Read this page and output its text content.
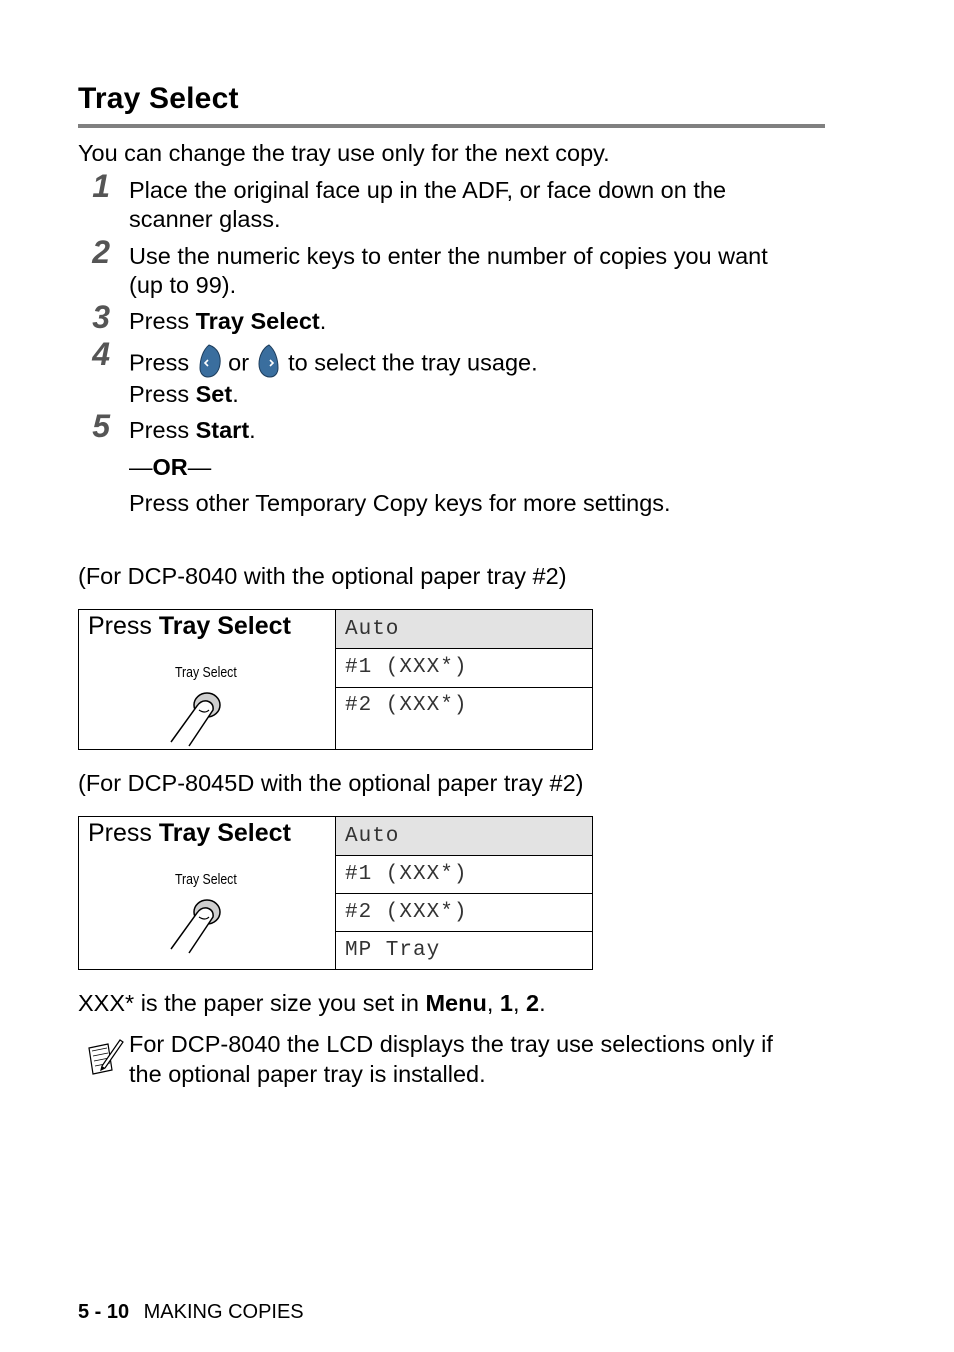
Tray Select
You can change the tray use only for the next copy.
1 Place the original face up in the ADF, or face down on the
scanner glass.
2 Use the numeric keys to enter the number of copies you want
(up to 99).
3 Press Tray Select.
4 Press  or  to select the tray usage.
Press Set.
5 Press Start.
—OR—
Press other Temporary Copy keys for more settings.
(For DCP-8040 with the optional paper tray #2)
Press Tray Select
Tray Select
	Auto
#1 (XXX*)
#2 (XXX*)
(For DCP-8045D with the optional paper tray #2)
Press Tray Select
Tray Select
	Auto
#1 (XXX*)
#2 (XXX*)
MP Tray
XXX* is the paper size you set in Menu, 1, 2.
For DCP-8040 the LCD displays the tray use selections only if
the optional paper tray is installed.
5 - 10 MAKING COPIES
